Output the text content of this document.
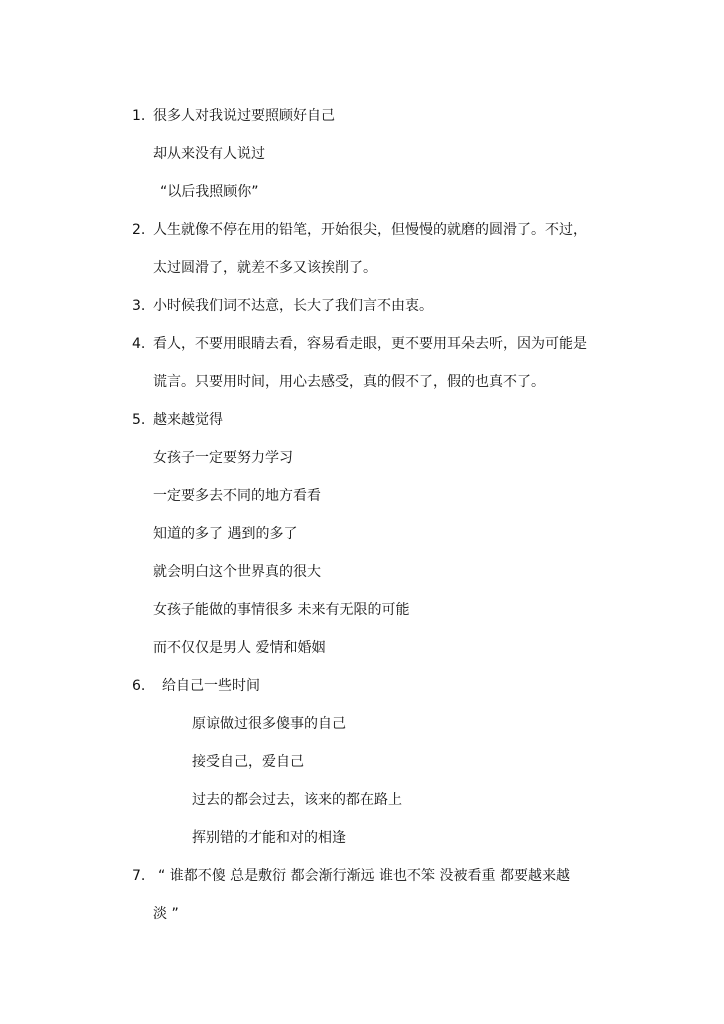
1. 很多人对我说过要照顾好自己
却从来没有人说过
“以后我照顾你”
2. 人生就像不停在用的铅笔，开始很尖，但慢慢的就磨的圆滑了。不过，
太过圆滑了，就差不多又该挨削了。
3. 小时候我们词不达意，长大了我们言不由衷。
4. 看人，不要用眼睛去看，容易看走眼，更不要用耳朵去听，因为可能是
谎言。只要用时间，用心去感受，真的假不了，假的也真不了。
5. 越来越觉得
女孩子一定要努力学习
一定要多去不同的地方看看
知道的多了 遇到的多了
就会明白这个世界真的很大
女孩子能做的事情很多 未来有无限的可能
而不仅仅是男人 爱情和婚姻
6.	给自己一些时间
原谅做过很多傻事的自己
接受自己，爱自己
过去的都会过去，该来的都在路上
挥别错的才能和对的相逢
7. “ 谁都不傻 总是敷衍 都会渐行渐远 谁也不笨 没被看重 都要越来越
淡 ”
